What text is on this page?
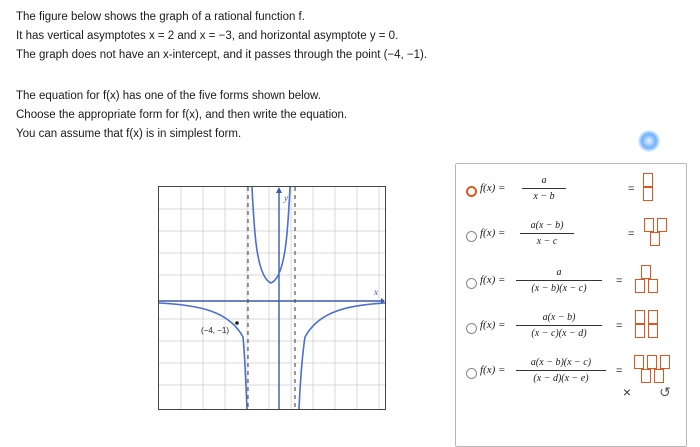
The figure below shows the graph of a rational function f.

It has vertical asymptotes x = 2 and x = −3, and horizontal asymptote y = 0.

The graph does not have an x-intercept, and it passes through the point (−4, −1).

The equation for f(x) has one of the five forms shown below.

Choose the appropriate form for f(x), and then write the equation.

You can assume that f(x) is in simplest form.

y
x
(−4, −1)
f(x) =
a
x − b
=
f(x) =
a(x − b)
x − c
=
f(x) =
a
(x − b)(x − c)
=
f(x) =
a(x − b)
(x − c)(x − d)
=
f(x) =
a(x − b)(x − c)
(x − d)(x − e)
=
×	↺
